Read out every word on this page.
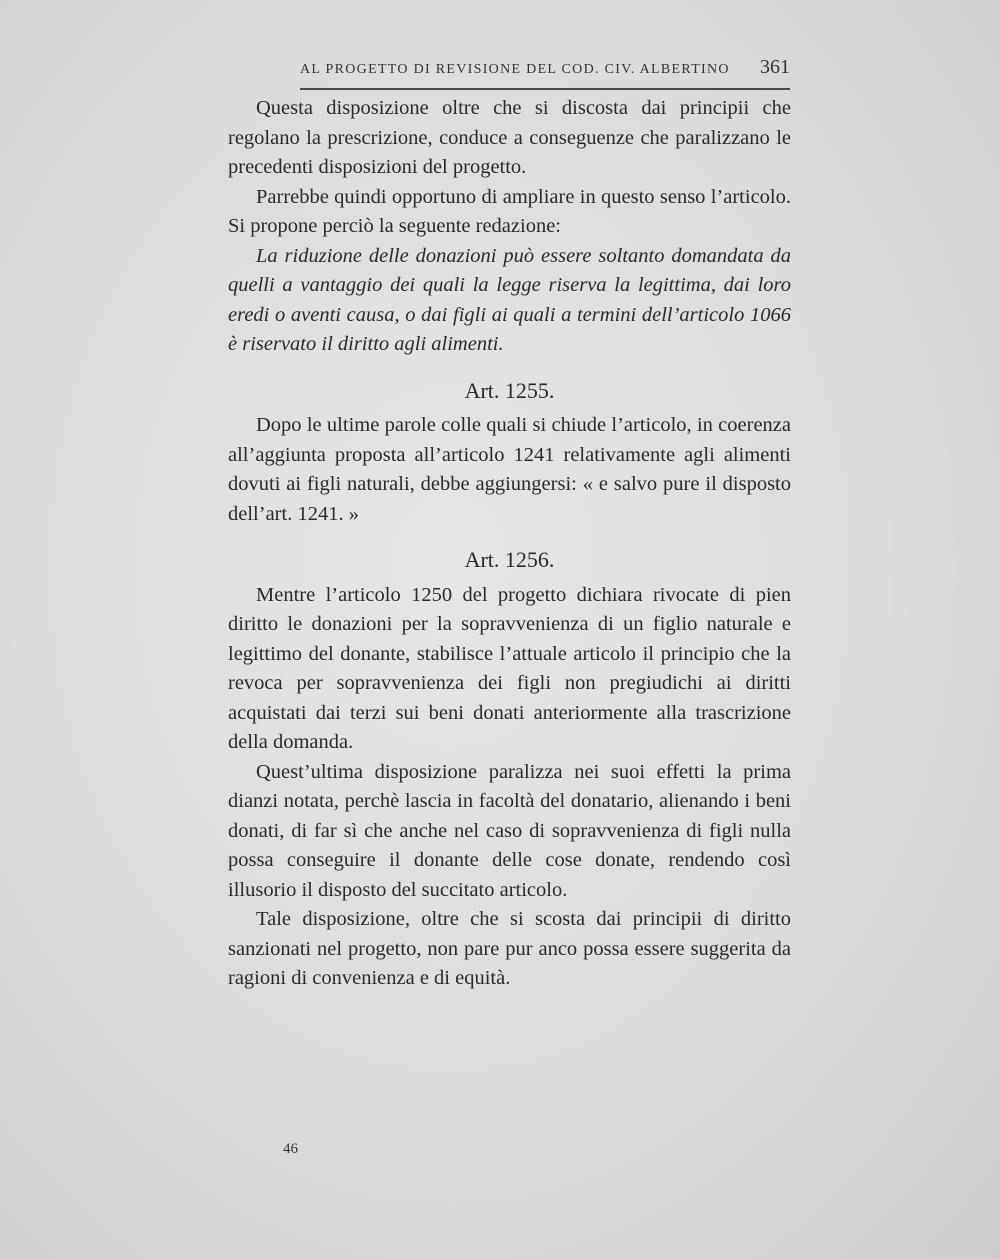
AL PROGETTO DI REVISIONE DEL COD. CIV. ALBERTINO 361

Questa disposizione oltre che si discosta dai principii che regolano la prescrizione, conduce a conseguenze che paralizzano le precedenti disposizioni del progetto.

Parrebbe quindi opportuno di ampliare in questo senso l’articolo. Si propone perciò la seguente redazione:

La riduzione delle donazioni può essere soltanto domandata da quelli a vantaggio dei quali la legge riserva la legittima, dai loro eredi o aventi causa, o dai figli ai quali a termini dell’articolo 1066 è riservato il diritto agli alimenti.

Art. 1255.

Dopo le ultime parole colle quali si chiude l’articolo, in coerenza all’aggiunta proposta all’articolo 1241 relativamente agli alimenti dovuti ai figli naturali, debbe aggiungersi: « e salvo pure il disposto dell’art. 1241. »

Art. 1256.

Mentre l’articolo 1250 del progetto dichiara rivocate di pien diritto le donazioni per la sopravvenienza di un figlio naturale e legittimo del donante, stabilisce l’attuale articolo il principio che la revoca per sopravvenienza dei figli non pregiudichi ai diritti acquistati dai terzi sui beni donati anteriormente alla trascrizione della domanda.

Quest’ultima disposizione paralizza nei suoi effetti la prima dianzi notata, perchè lascia in facoltà del donatario, alienando i beni donati, di far sì che anche nel caso di sopravvenienza di figli nulla possa conseguire il donante delle cose donate, rendendo così illusorio il disposto del succitato articolo.

Tale disposizione, oltre che si scosta dai principii di diritto sanzionati nel progetto, non pare pur anco possa essere suggerita da ragioni di convenienza e di equità.

46
